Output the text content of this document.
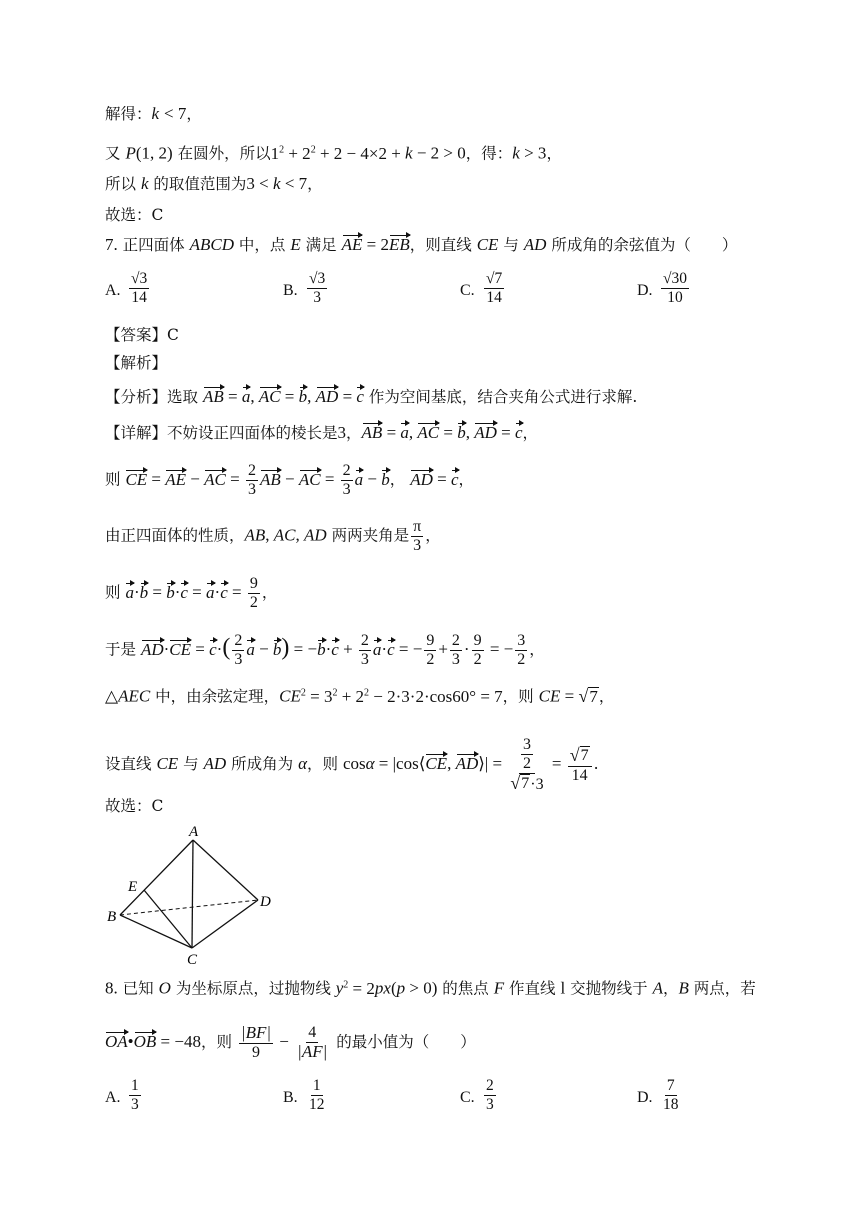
解得：k < 7，
又 P(1, 2) 在圆外，所以$1^2 + 2^2 + 2 - 4\times 2 + k - 2 > 0$，得：k > 3，
所以 k 的取值范围为3 < k < 7，
故选：C
7. 正四面体 ABCD 中，点 E 满足 AE = 2EB，则直线 CE 与 AD 所成角的余弦值为（　　）
A. $\frac{√3}{14}$	B. $\frac{√3}{3}$	C. $\frac{√7}{14}$	D. $\frac{√30}{10}$
【答案】C
【解析】
【分析】选取 AB = a, AC = b, AD = c 作为空间基底，结合夹角公式进行求解.
【详解】不妨设正四面体的棱长是3，AB = a, AC = b, AD = c，
则 CE = AE − AC = $\frac{2}{3}$ AB − AC = $\frac{2}{3}$ a − b， AD = c，
由正四面体的性质，AB, AC, AD 两两夹角是 $\frac{\pi}{3}$ ，
则 $a\cdot b = b\cdot c = a\cdot c = \frac{9}{2}$ ，
于是 $AD\cdot CE = c\cdot( \frac{2}{3}$ $a - b) = -b\cdot c + \frac{2}{3} a\cdot c$ = − $\frac{9}{2} + \frac{2}{3} \cdot \frac{9}{2}$ = − $\frac{3}{2}$ ，
△AEC 中，由余弦定理，$CE^2 = 3^2 + 2^2 - 2\cdot 3\cdot 2\cdot\cos 60^\circ = 7$，则 CE = √ 7 ，
设直线 CE 与 AD 所成角为 α，则 cosα = |cos⟨CE, AD⟩| = $\frac{\frac{3}{2}}{√ 7 \cdot 3} = \frac{√ 7}{14}$ .
故选：C
A
B
C
D
E
8. 已知 O 为坐标原点，过抛物线 $y^2 = 2px(p > 0)$ 的焦点 F 作直线 l 交抛物线于 A，B 两点，若
OA•OB = −48，则 $\frac{|BF|}{9} - \frac{4}{|AF|}$ 的最小值为（　　）
A. $\frac{1}{3}$	B. $\frac{1}{12}$	C. $\frac{2}{3}$	D. $\frac{7}{18}$
